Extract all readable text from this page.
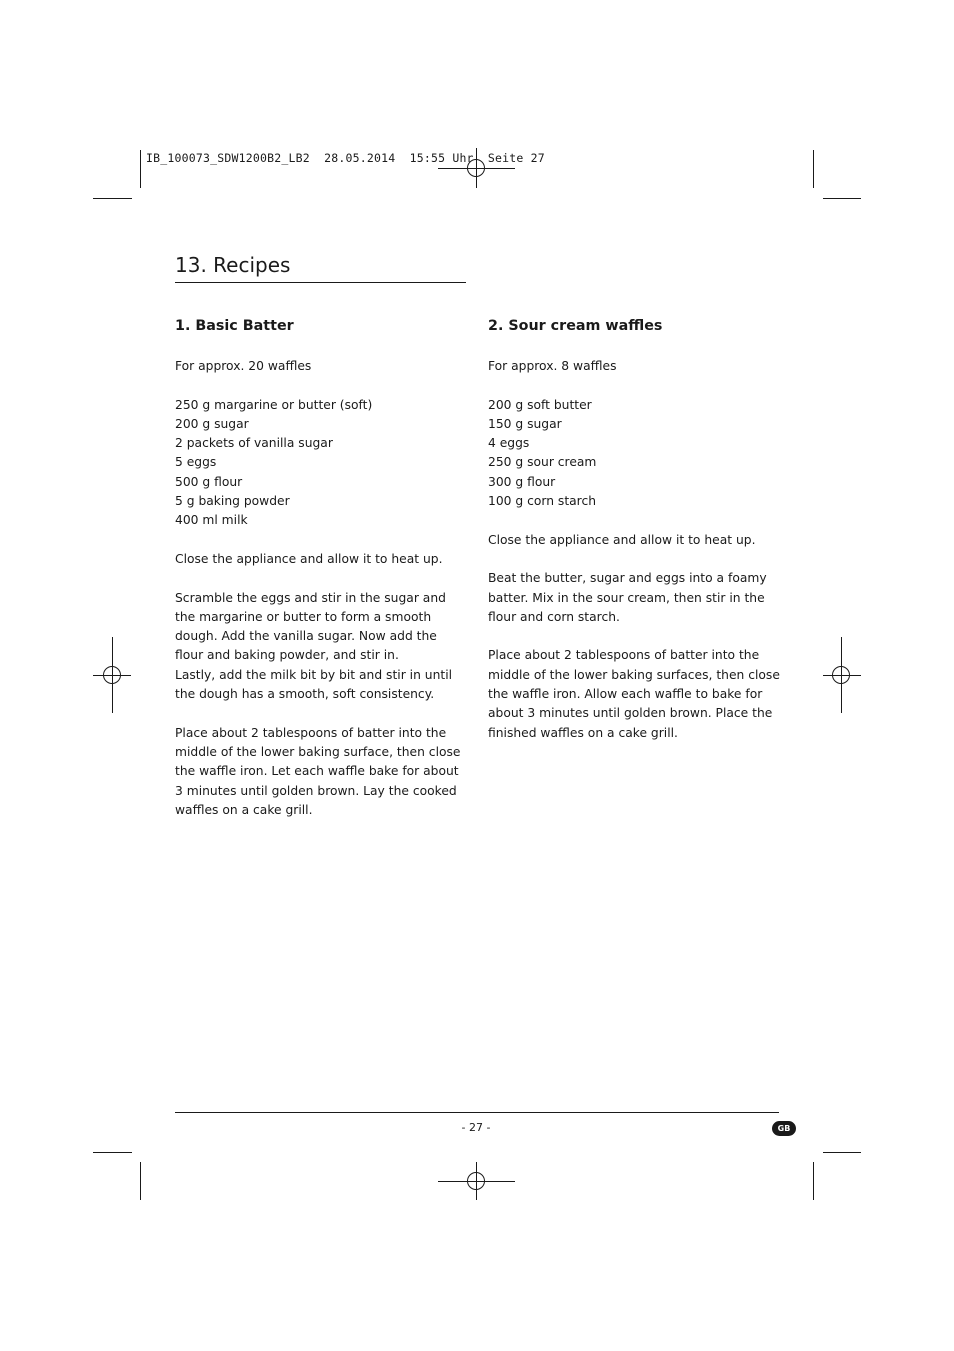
IB_100073_SDW1200B2_LB2  28.05.2014  15:55 Uhr  Seite 27
13. Recipes
1. Basic Batter

For approx. 20 waffles

250 g margarine or butter (soft)
200 g sugar
2 packets of vanilla sugar
5 eggs
500 g flour
5 g baking powder
400 ml milk

Close the appliance and allow it to heat up.

Scramble the eggs and stir in the sugar and the margarine or butter to form a smooth dough. Add the vanilla sugar. Now add the flour and baking powder, and stir in.

Lastly, add the milk bit by bit and stir in until the dough has a smooth, soft consistency.

Place about 2 tablespoons of batter into the middle of the lower baking surface, then close the waffle iron. Let each waffle bake for about 3 minutes until golden brown. Lay the cooked waffles on a cake grill.

2. Sour cream waffles

For approx. 8 waffles

200 g soft butter
150 g sugar
4 eggs
250 g sour cream
300 g flour
100 g corn starch

Close the appliance and allow it to heat up.

Beat the butter, sugar and eggs into a foamy batter. Mix in the sour cream, then stir in the flour and corn starch.

Place about 2 tablespoons of batter into the middle of the lower baking surfaces, then close the waffle iron. Allow each waffle to bake for about 3 minutes until golden brown. Place the finished waffles on a cake grill.

- 27 -	GB
